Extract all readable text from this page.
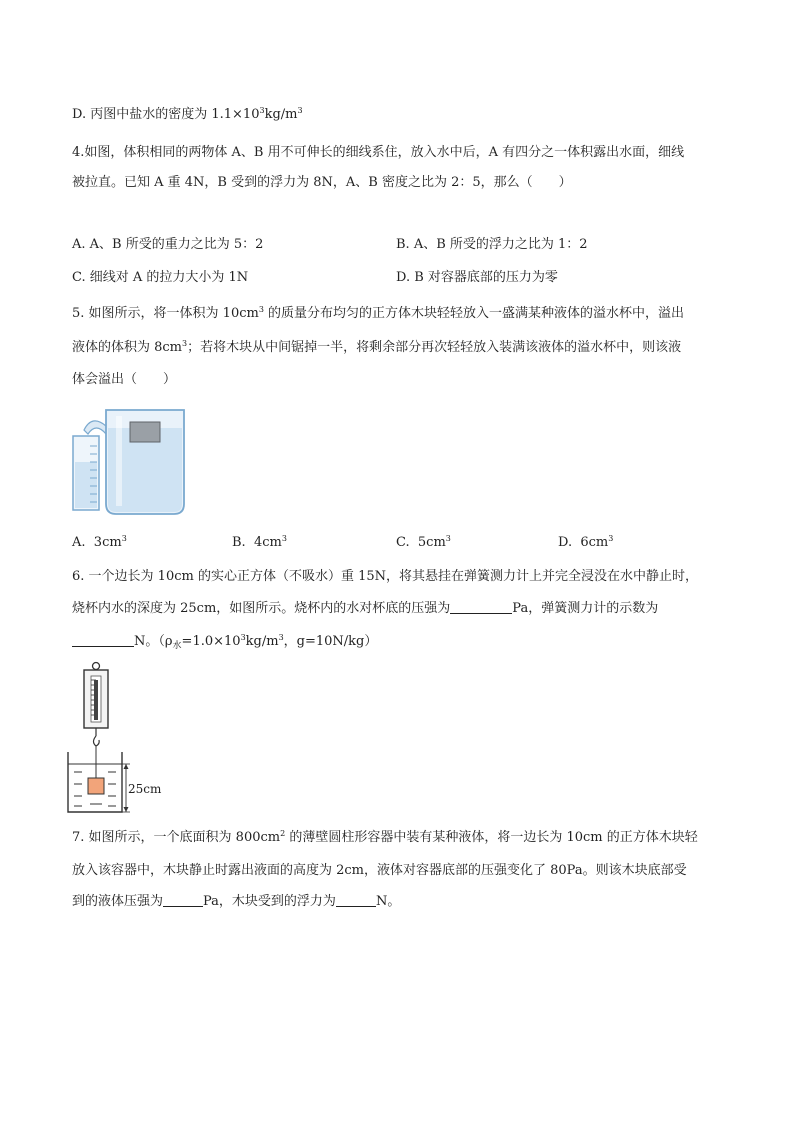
D. 丙图中盐水的密度为 $1.1\times 10^3kg/m^3$
4.如图，体积相同的两物体 A、B 用不可伸长的细线系住，放入水中后，A 有四分之一体积露出水面，细线
被拉直。已知 A 重 4N，B 受到的浮力为 8N，A、B 密度之比为 2：5，那么（　　）
A. A、B 所受的重力之比为 5：2	B. A、B 所受的浮力之比为 1：2
C. 细线对 A 的拉力大小为 1N	D. B 对容器底部的压力为零
5. 如图所示，将一体积为 $10cm^3$ 的质量分布均匀的正方体木块轻轻放入一盛满某种液体的溢水杯中，溢出
液体的体积为 $8cm^3$；若将木块从中间锯掉一半，将剩余部分再次轻轻放入装满该液体的溢水杯中，则该液
体会溢出（　　）
A. $3cm^3$	B. $4cm^3$	C. $5cm^3$	D. $6cm^3$
6. 一个边长为 10cm 的实心正方体（不吸水）重 15N，将其悬挂在弹簧测力计上并完全浸没在水中静止时，
烧杯内水的深度为 25cm，如图所示。烧杯内的水对杯底的压强为	Pa，弹簧测力计的示数为
N。（$\rho_水=1.0\times 10^3kg/m^3$，g=10N/kg）
25cm
7. 如图所示，一个底面积为 $800cm^2$ 的薄壁圆柱形容器中装有某种液体，将一边长为 10cm 的正方体木块轻
放入该容器中，木块静止时露出液面的高度为 2cm，液体对容器底部的压强变化了 80Pa。则该木块底部受
到的液体压强为	Pa，木块受到的浮力为	N。
